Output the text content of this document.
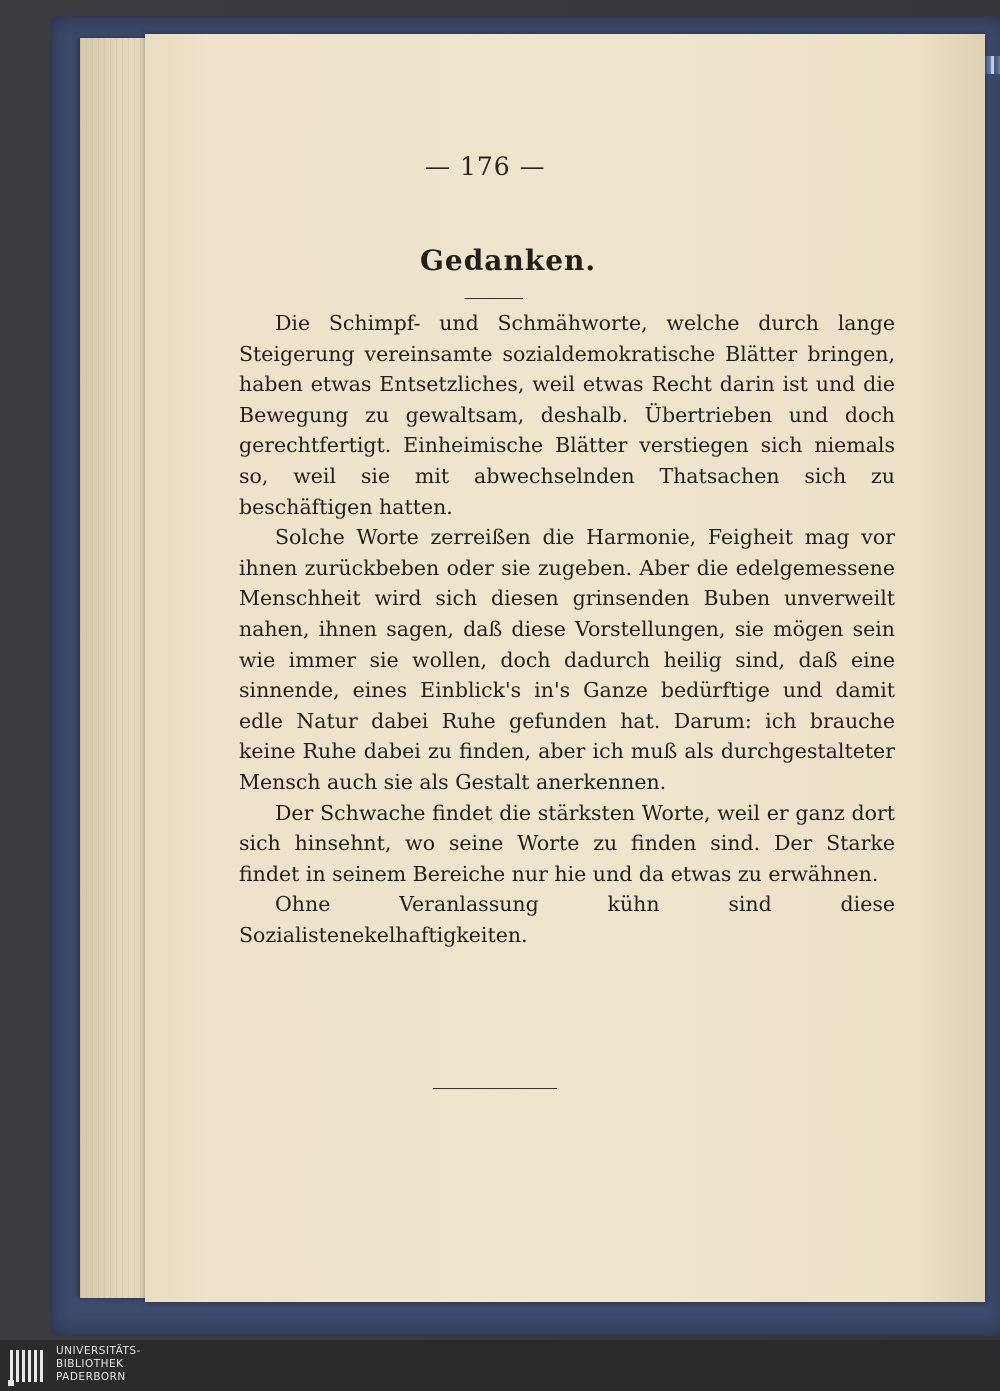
— 176 —
Gedanken.

Die Schimpf- und Schmähworte, welche durch lange Steigerung vereinsamte sozialdemokratische Blätter bringen, haben etwas Entsetzliches, weil etwas Recht darin ist und die Bewegung zu gewaltsam, deshalb. Übertrieben und doch gerechtfertigt. Einheimische Blätter verstiegen sich niemals so, weil sie mit abwechselnden Thatsachen sich zu beschäftigen hatten.

Solche Worte zerreißen die Harmonie, Feigheit mag vor ihnen zurückbeben oder sie zugeben. Aber die edelgemessene Menschheit wird sich diesen grinsenden Buben unverweilt nahen, ihnen sagen, daß diese Vorstellungen, sie mögen sein wie immer sie wollen, doch dadurch heilig sind, daß eine sinnende, eines Einblick's in's Ganze bedürftige und damit edle Natur dabei Ruhe gefunden hat. Darum: ich brauche keine Ruhe dabei zu finden, aber ich muß als durchgestalteter Mensch auch sie als Gestalt anerkennen.

Der Schwache findet die stärksten Worte, weil er ganz dort sich hinsehnt, wo seine Worte zu finden sind. Der Starke findet in seinem Bereiche nur hie und da etwas zu erwähnen.

Ohne Veranlassung kühn sind diese Sozialistenekelhaftigkeiten.

UNIVERSITÄTS-
BIBLIOTHEK
PADERBORN
